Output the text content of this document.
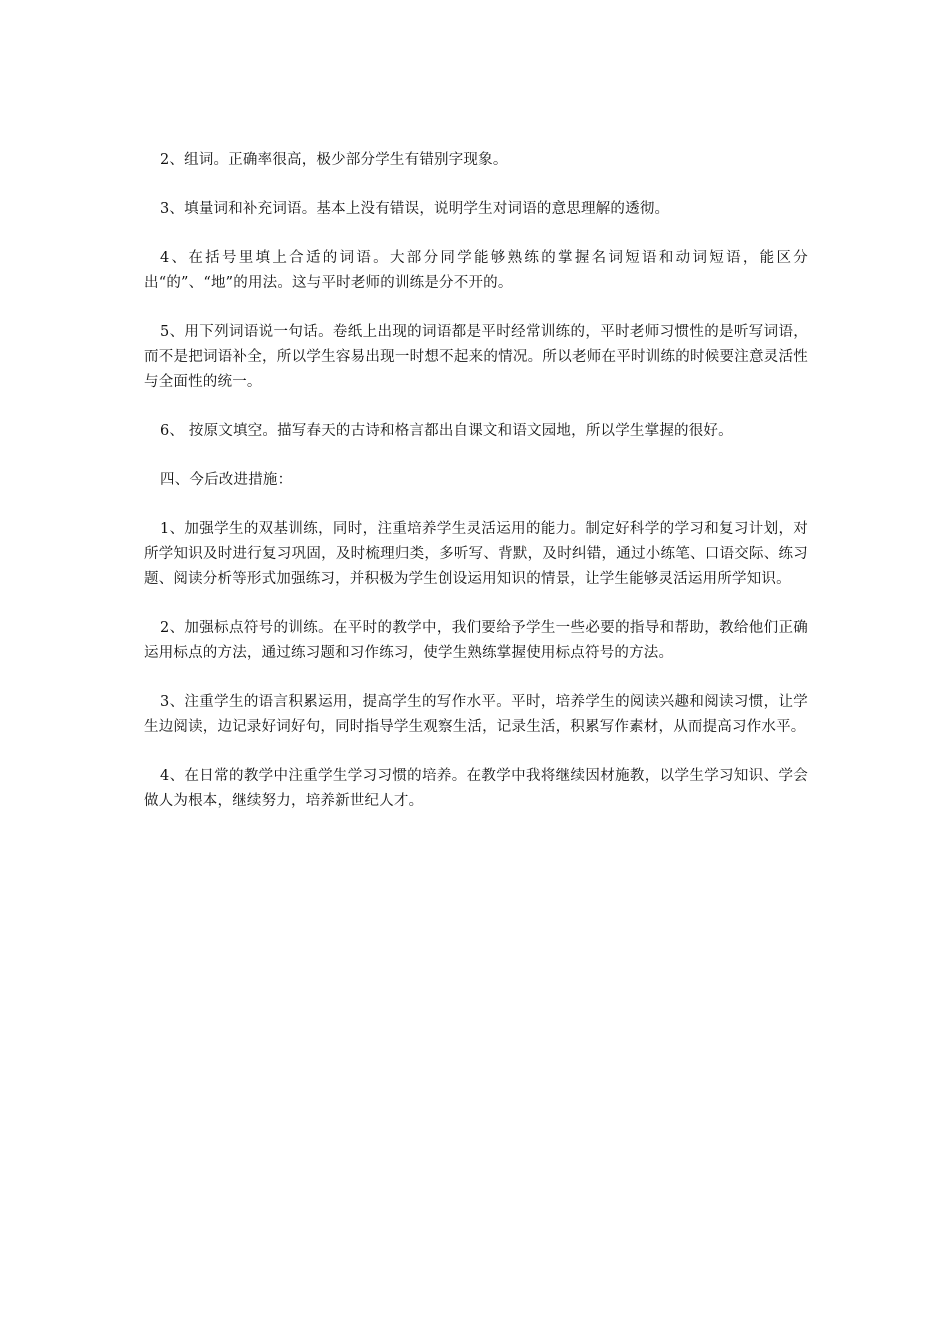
2、组词。正确率很高，极少部分学生有错别字现象。

3、填量词和补充词语。基本上没有错误，说明学生对词语的意思理解的透彻。

4、在括号里填上合适的词语。大部分同学能够熟练的掌握名词短语和动词短语，能区分出“的”、“地”的用法。这与平时老师的训练是分不开的。

5、用下列词语说一句话。卷纸上出现的词语都是平时经常训练的，平时老师习惯性的是听写词语，而不是把词语补全，所以学生容易出现一时想不起来的情况。所以老师在平时训练的时候要注意灵活性与全面性的统一。

6、 按原文填空。描写春天的古诗和格言都出自课文和语文园地，所以学生掌握的很好。

四、今后改进措施：

1、加强学生的双基训练，同时，注重培养学生灵活运用的能力。制定好科学的学习和复习计划，对所学知识及时进行复习巩固，及时梳理归类，多听写、背默，及时纠错，通过小练笔、口语交际、练习题、阅读分析等形式加强练习，并积极为学生创设运用知识的情景，让学生能够灵活运用所学知识。

2、加强标点符号的训练。在平时的教学中，我们要给予学生一些必要的指导和帮助，教给他们正确运用标点的方法，通过练习题和习作练习，使学生熟练掌握使用标点符号的方法。

3、注重学生的语言积累运用，提高学生的写作水平。平时，培养学生的阅读兴趣和阅读习惯，让学生边阅读，边记录好词好句，同时指导学生观察生活，记录生活，积累写作素材，从而提高习作水平。

4、在日常的教学中注重学生学习习惯的培养。在教学中我将继续因材施教，以学生学习知识、学会做人为根本，继续努力，培养新世纪人才。
